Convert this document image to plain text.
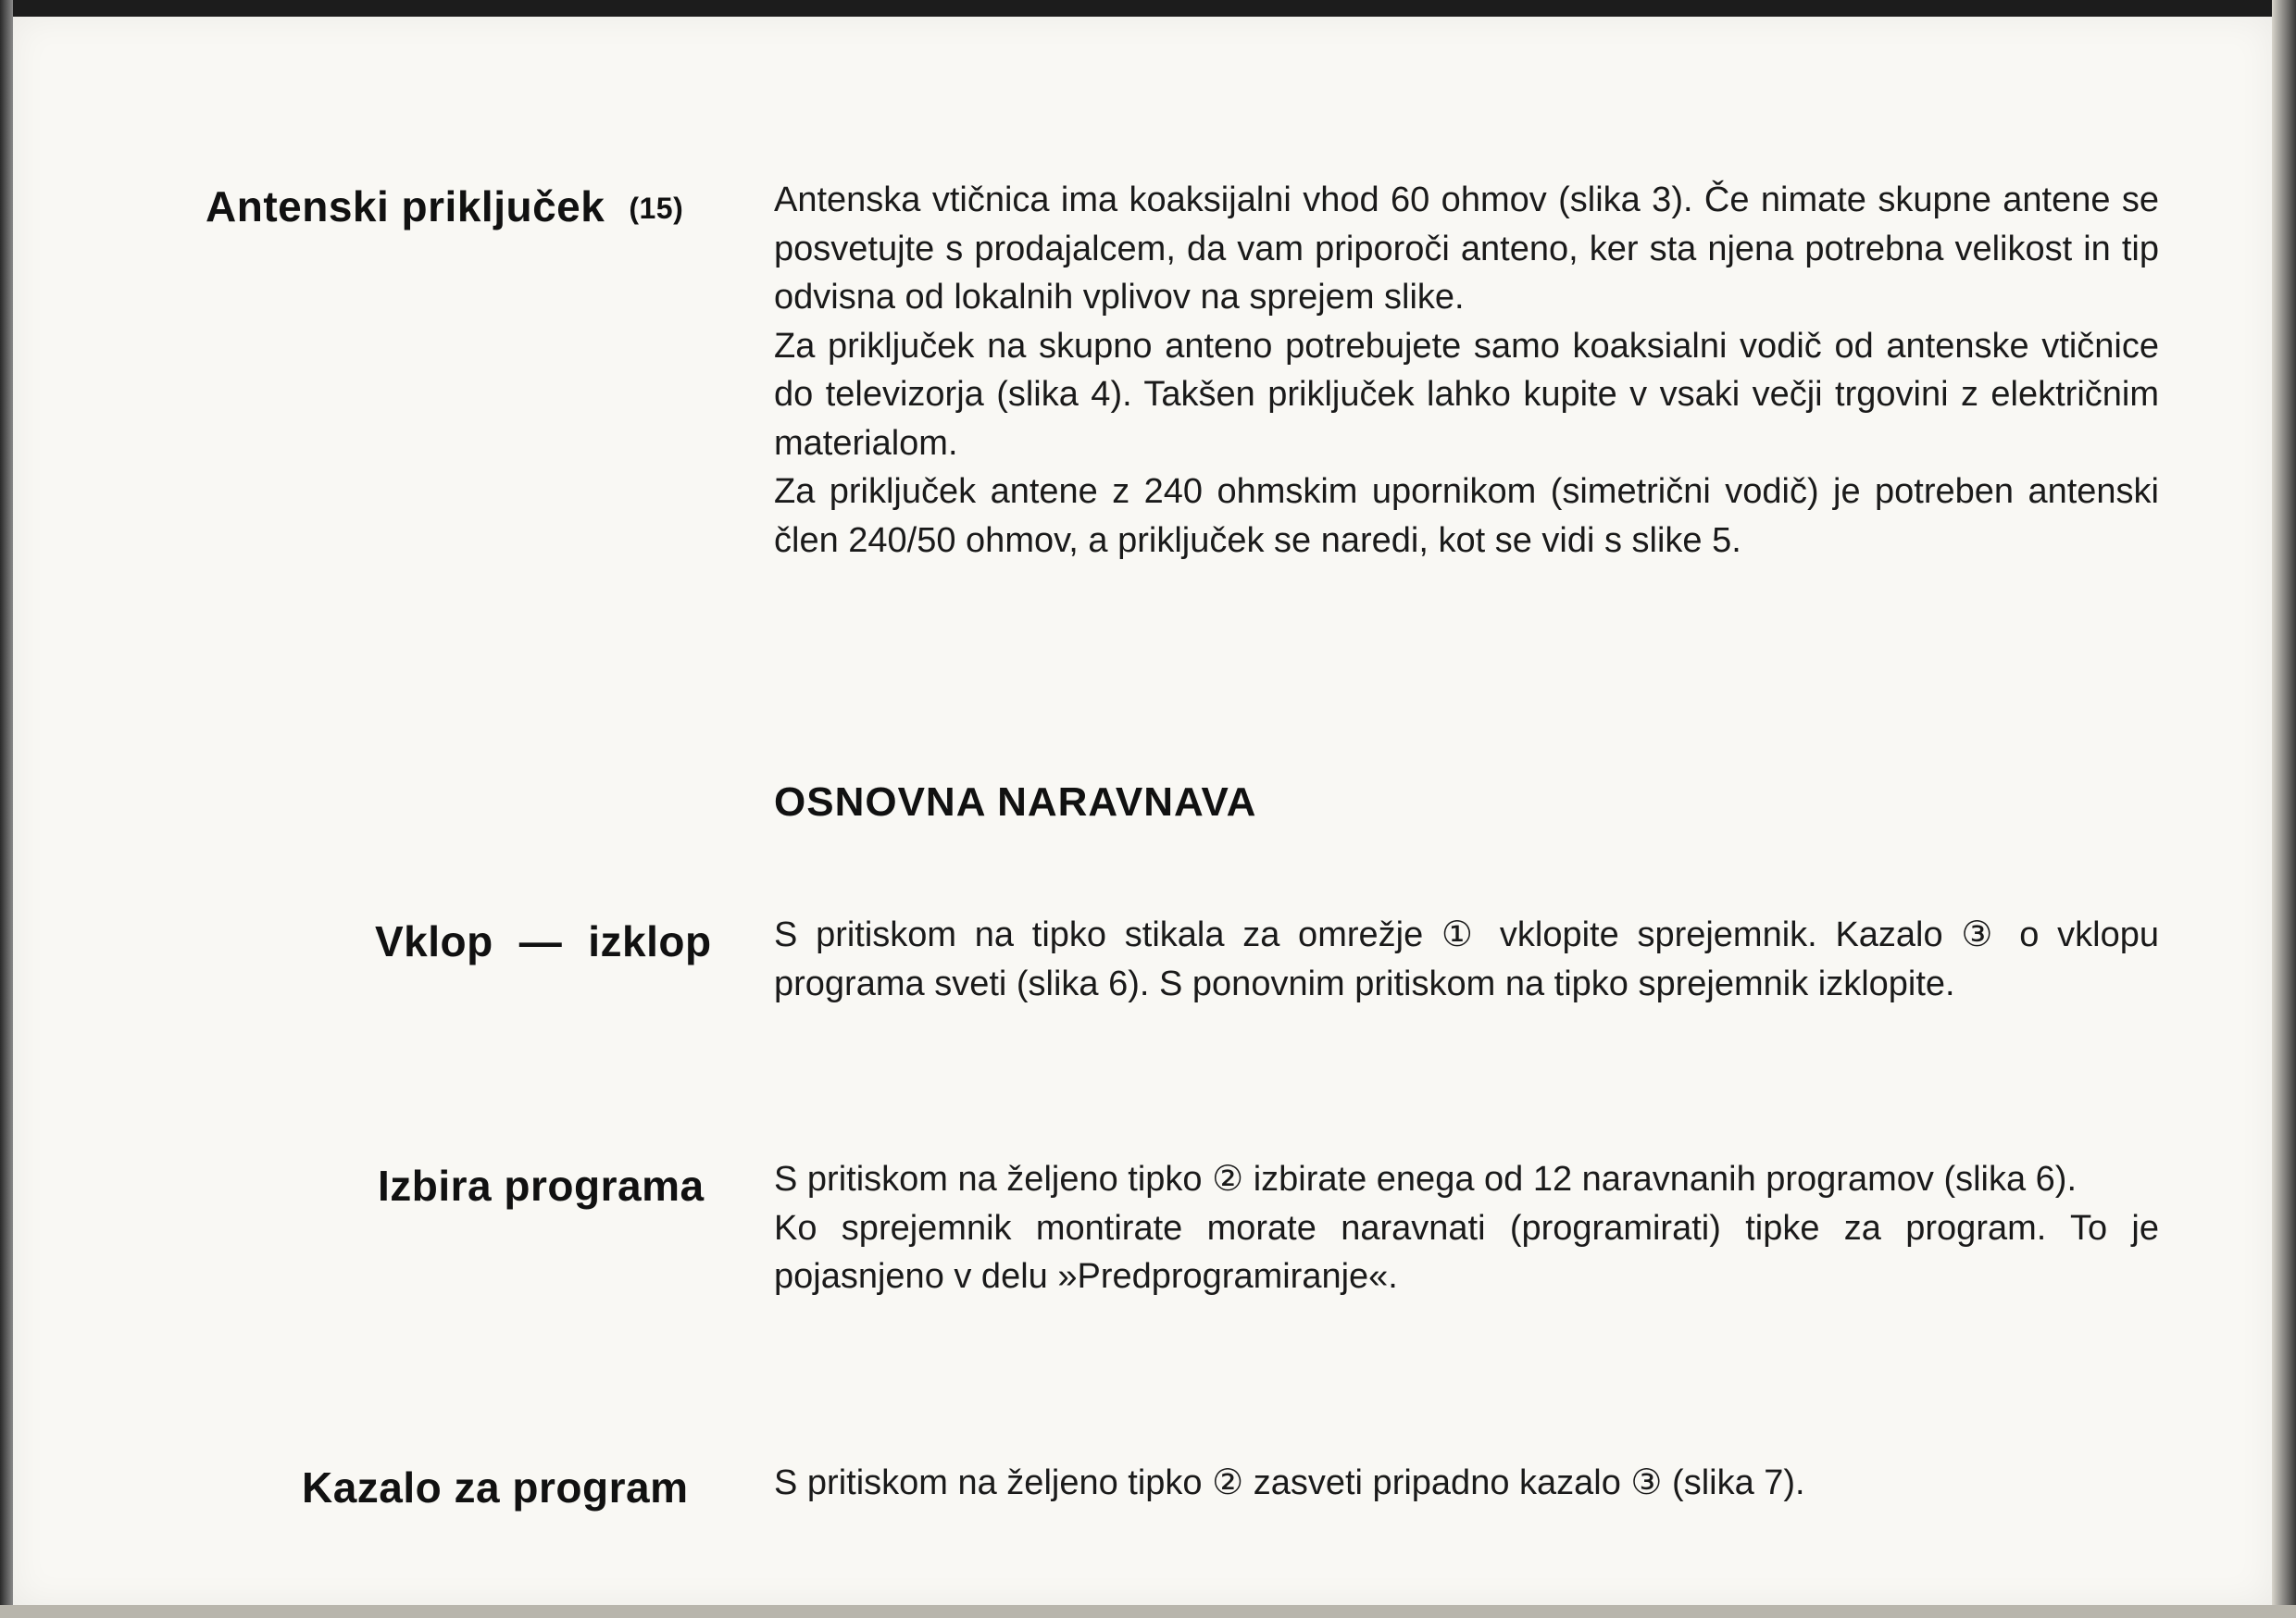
Antenski priključek (15)	Antenska vtičnica ima koaksijalni vhod 60 ohmov (slika 3). Če nimate skupne antene se posvetujte s prodajalcem, da vam priporoči anteno, ker sta njena potrebna velikost in tip odvisna od lokalnih vplivov na sprejem slike.

Za priključek na skupno anteno potrebujete samo koaksialni vodič od antenske vtičnice do televizorja (slika 4). Takšen priključek lahko kupite v vsaki večji trgovini z električnim materialom.

Za priključek antene z 240 ohmskim upornikom (simetrični vodič) je potreben antenski člen 240/50 ohmov, a priključek se naredi, kot se vidi s slike 5.

OSNOVNA NARAVNAVA
Vklop — izklop S pritiskom na tipko stikala za omrežje ① vklopite sprejemnik. Kazalo ③ o vklopu programa sveti (slika 6). S ponovnim pritiskom na tipko sprejemnik izklopite.

Izbira programa S pritiskom na željeno tipko ② izbirate enega od 12 naravnanih programov (slika 6).

Ko sprejemnik montirate morate naravnati (programirati) tipke za program. To je pojasnjeno v delu »Predprogramiranje«.

Kazalo za program S pritiskom na željeno tipko ② zasveti pripadno kazalo ③ (slika 7).
